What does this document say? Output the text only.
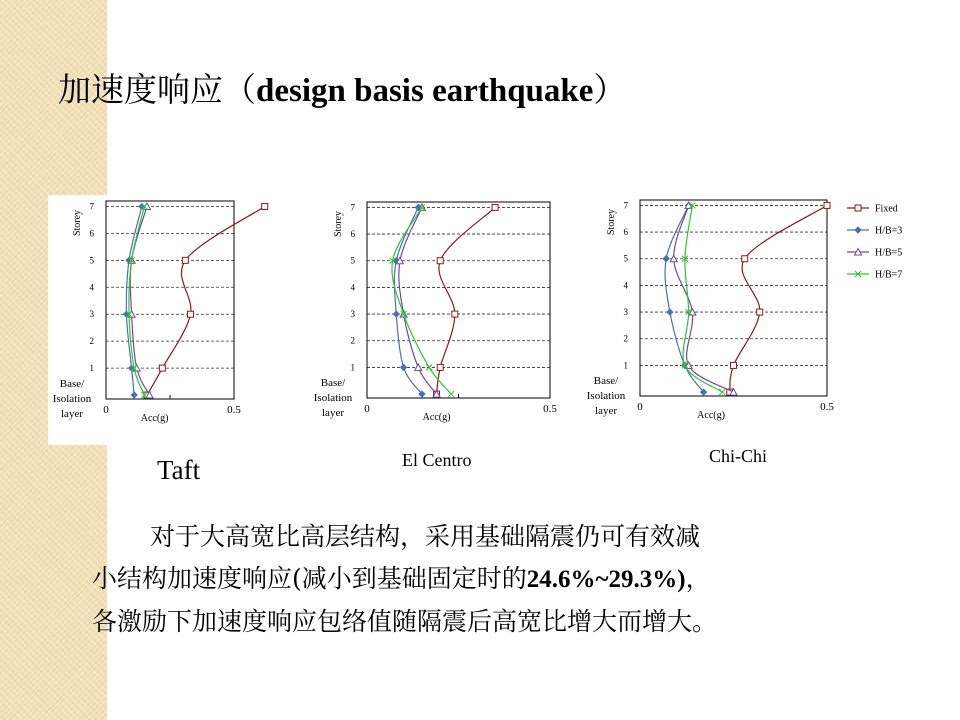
加速度响应（design basis earthquake）
1
2
3
4
5
6
7
Base/
Isolation
layer 0	0.5
Acc(g)
Storey
1
2
3
4
5
6
7
Base/
Isolation
layer 0	0.5
Acc(g)
Storey
1
2
3
4
5
6
7
Base/
Isolation
layer 0	0.5
Acc(g)
Storey	Fixed
H/B=3
H/B=5
H/B=7
Taft	El Centro	Chi-Chi

对于大高宽比高层结构，采用基础隔震仍可有效减

小结构加速度响应(减小到基础固定时的24.6%~29.3%)，

各激励下加速度响应包络值随隔震后高宽比增大而增大。
